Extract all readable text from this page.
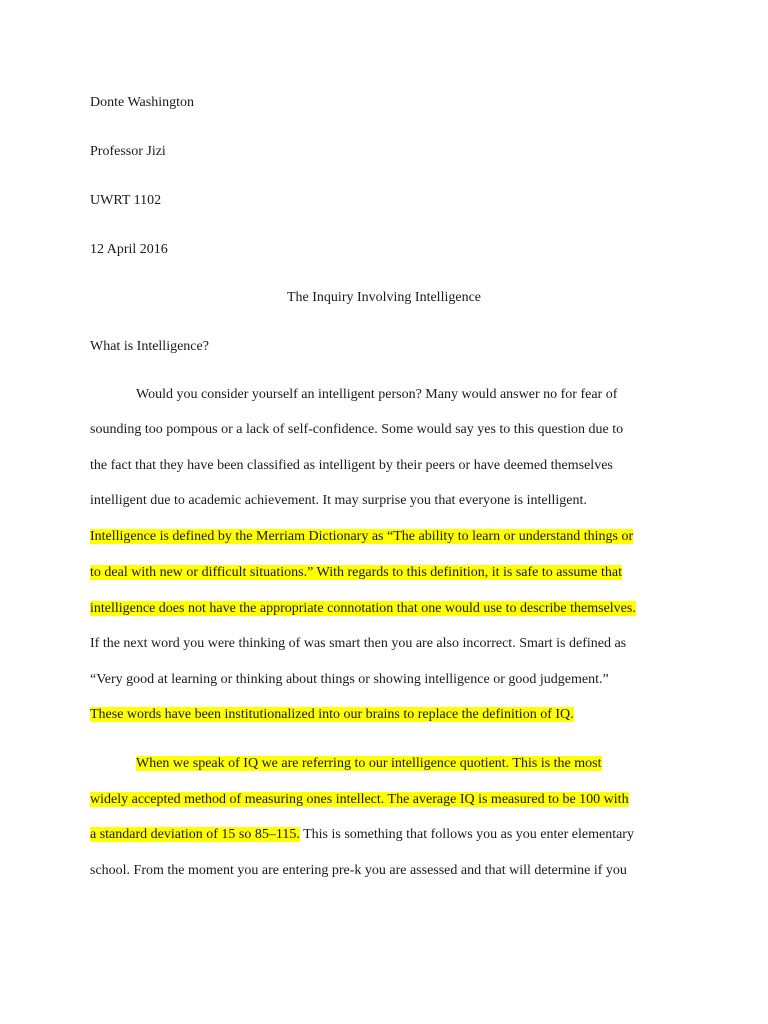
Donte Washington
Professor Jizi
UWRT 1102
12 April 2016
The Inquiry Involving Intelligence
What is Intelligence?
Would you consider yourself an intelligent person? Many would answer no for fear of
sounding too pompous or a lack of self-confidence. Some would say yes to this question due to
the fact that they have been classified as intelligent by their peers or have deemed themselves
intelligent due to academic achievement. It may surprise you that everyone is intelligent.
Intelligence is defined by the Merriam Dictionary as “The ability to learn or understand things or
to deal with new or difficult situations.” With regards to this definition, it is safe to assume that
intelligence does not have the appropriate connotation that one would use to describe themselves.
If the next word you were thinking of was smart then you are also incorrect. Smart is defined as
“Very good at learning or thinking about things or showing intelligence or good judgement.”
These words have been institutionalized into our brains to replace the definition of IQ.
When we speak of IQ we are referring to our intelligence quotient. This is the most
widely accepted method of measuring ones intellect. The average IQ is measured to be 100 with
a standard deviation of 15 so 85–115. This is something that follows you as you enter elementary
school. From the moment you are entering pre-k you are assessed and that will determine if you
